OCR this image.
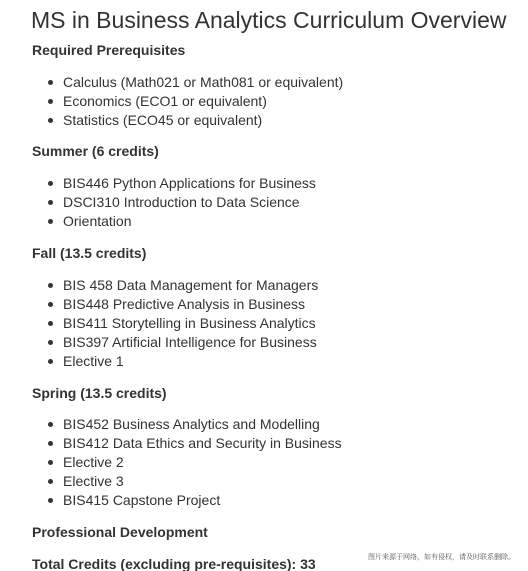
MS in Business Analytics Curriculum Overview
Required Prerequisites
Calculus (Math021 or Math081 or equivalent)
Economics (ECO1 or equivalent)
Statistics (ECO45 or equivalent)
Summer (6 credits)
BIS446 Python Applications for Business
DSCI310 Introduction to Data Science
Orientation
Fall (13.5 credits)
BIS 458 Data Management for Managers
BIS448 Predictive Analysis in Business
BIS411 Storytelling in Business Analytics
BIS397 Artificial Intelligence for Business
Elective 1
Spring (13.5 credits)
BIS452 Business Analytics and Modelling
BIS412 Data Ethics and Security in Business
Elective 2
Elective 3
BIS415 Capstone Project
Professional Development
Total Credits (excluding pre-requisites): 33	图片来源于网络，如有侵权，请及时联系删除。
